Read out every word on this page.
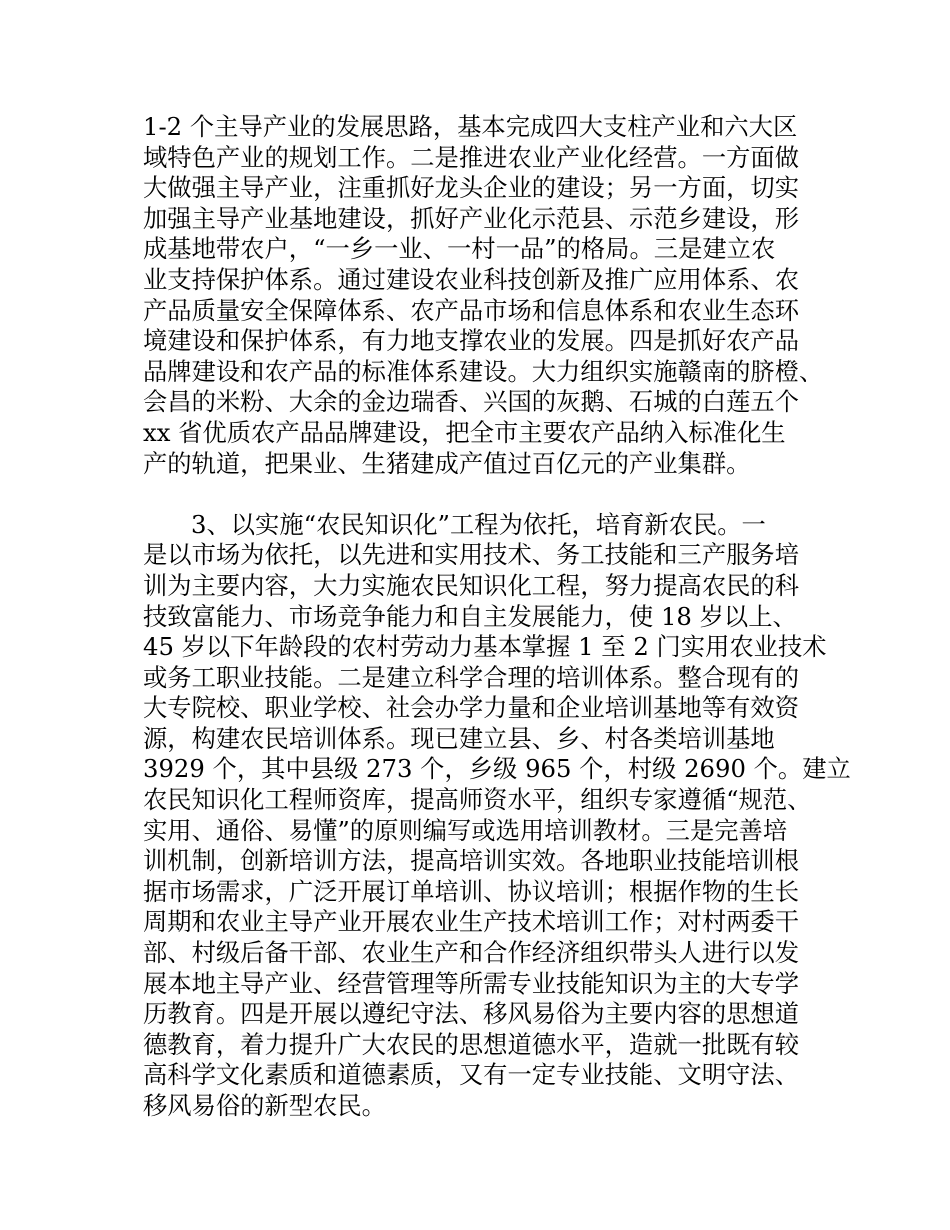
1-2 个主导产业的发展思路，基本完成四大支柱产业和六大区
域特色产业的规划工作。二是推进农业产业化经营。一方面做
大做强主导产业，注重抓好龙头企业的建设；另一方面，切实
加强主导产业基地建设，抓好产业化示范县、示范乡建设，形
成基地带农户，“一乡一业、一村一品”的格局。三是建立农
业支持保护体系。通过建设农业科技创新及推广应用体系、农
产品质量安全保障体系、农产品市场和信息体系和农业生态环
境建设和保护体系，有力地支撑农业的发展。四是抓好农产品
品牌建设和农产品的标准体系建设。大力组织实施赣南的脐橙、
会昌的米粉、大余的金边瑞香、兴国的灰鹅、石城的白莲五个
xx 省优质农产品品牌建设，把全市主要农产品纳入标准化生
产的轨道，把果业、生猪建成产值过百亿元的产业集群。
3、以实施“农民知识化”工程为依托，培育新农民。一
是以市场为依托，以先进和实用技术、务工技能和三产服务培
训为主要内容，大力实施农民知识化工程，努力提高农民的科
技致富能力、市场竞争能力和自主发展能力，使 18 岁以上、
45 岁以下年龄段的农村劳动力基本掌握 1 至 2 门实用农业技术
或务工职业技能。二是建立科学合理的培训体系。整合现有的
大专院校、职业学校、社会办学力量和企业培训基地等有效资
源，构建农民培训体系。现已建立县、乡、村各类培训基地
3929 个，其中县级 273 个，乡级 965 个，村级 2690 个。建立
农民知识化工程师资库，提高师资水平，组织专家遵循“规范、
实用、通俗、易懂”的原则编写或选用培训教材。三是完善培
训机制，创新培训方法，提高培训实效。各地职业技能培训根
据市场需求，广泛开展订单培训、协议培训；根据作物的生长
周期和农业主导产业开展农业生产技术培训工作；对村两委干
部、村级后备干部、农业生产和合作经济组织带头人进行以发
展本地主导产业、经营管理等所需专业技能知识为主的大专学
历教育。四是开展以遵纪守法、移风易俗为主要内容的思想道
德教育，着力提升广大农民的思想道德水平，造就一批既有较
高科学文化素质和道德素质，又有一定专业技能、文明守法、
移风易俗的新型农民。
